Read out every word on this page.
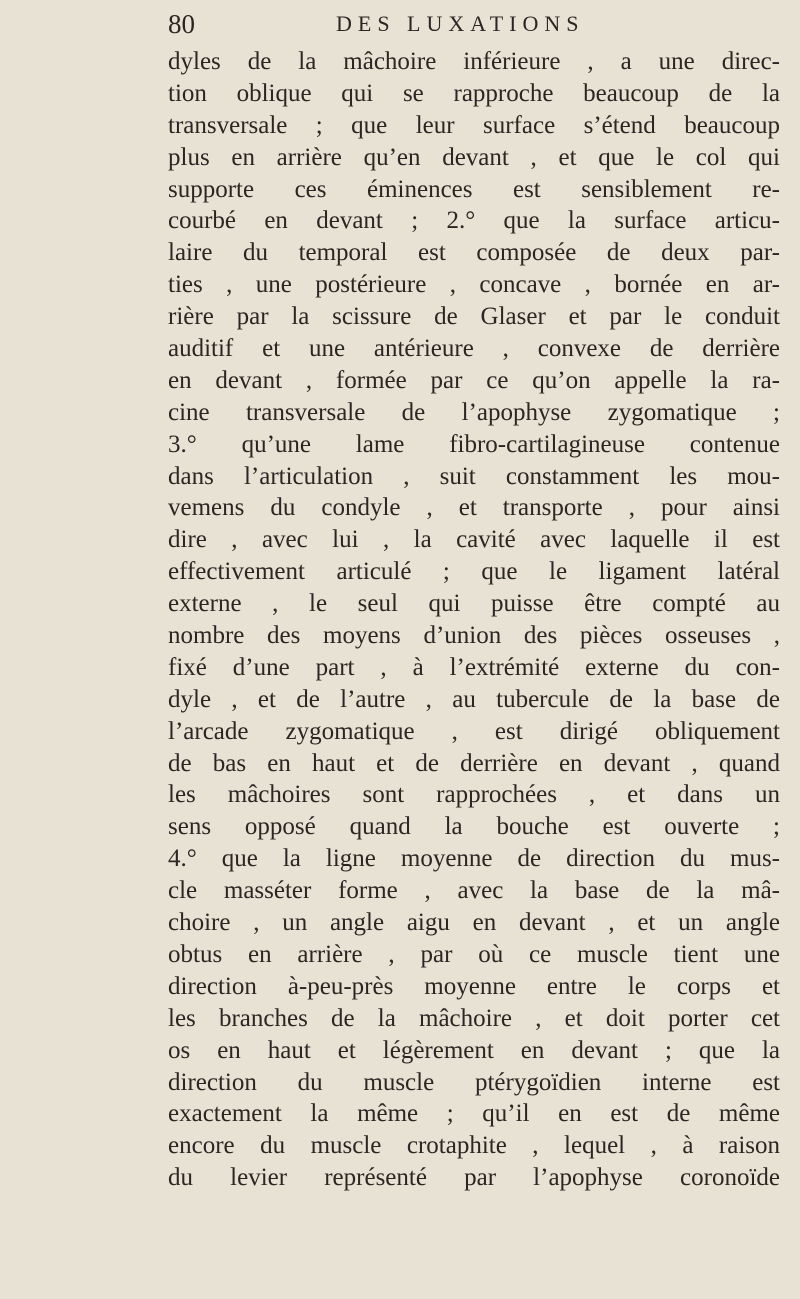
80	DES LUXATIONS
dyles de la mâchoire inférieure , a une direc-
tion oblique qui se rapproche beaucoup de la
transversale ; que leur surface s’étend beaucoup
plus en arrière qu’en devant , et que le col qui
supporte ces éminences est sensiblement re-
courbé en devant ; 2.° que la surface articu-
laire du temporal est composée de deux par-
ties , une postérieure , concave , bornée en ar-
rière par la scissure de Glaser et par le conduit
auditif et une antérieure , convexe de derrière
en devant , formée par ce qu’on appelle la ra-
cine transversale de l’apophyse zygomatique ;
3.° qu’une lame fibro-cartilagineuse contenue
dans l’articulation , suit constamment les mou-
vemens du condyle , et transporte , pour ainsi
dire , avec lui , la cavité avec laquelle il est
effectivement articulé ; que le ligament latéral
externe , le seul qui puisse être compté au
nombre des moyens d’union des pièces osseuses ,
fixé d’une part , à l’extrémité externe du con-
dyle , et de l’autre , au tubercule de la base de
l’arcade zygomatique , est dirigé obliquement
de bas en haut et de derrière en devant , quand
les mâchoires sont rapprochées , et dans un
sens opposé quand la bouche est ouverte ;
4.° que la ligne moyenne de direction du mus-
cle masséter forme , avec la base de la mâ-
choire , un angle aigu en devant , et un angle
obtus en arrière , par où ce muscle tient une
direction à-peu-près moyenne entre le corps et
les branches de la mâchoire , et doit porter cet
os en haut et légèrement en devant ; que la
direction du muscle ptérygoïdien interne est
exactement la même ; qu’il en est de même
encore du muscle crotaphite , lequel , à raison
du levier représenté par l’apophyse coronoïde
